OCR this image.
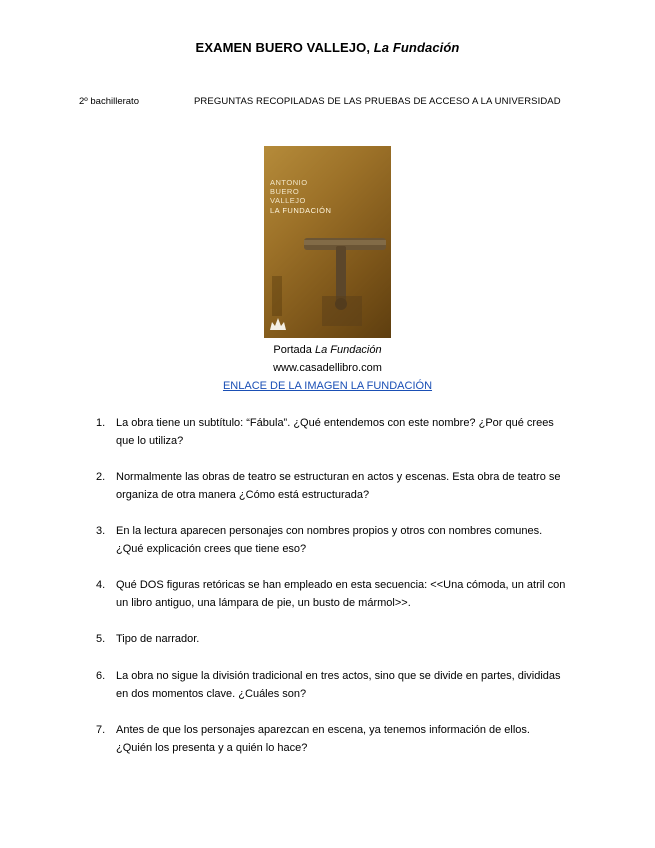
EXAMEN BUERO VALLEJO, La Fundación
2º bachillerato	PREGUNTAS RECOPILADAS DE LAS PRUEBAS DE ACCESO A LA UNIVERSIDAD
ANTONIO
BUERO
VALLEJO
LA FUNDACIÓN
Portada La Fundación
www.casadellibro.com
ENLACE DE LA IMAGEN LA FUNDACIÓN
1. La obra tiene un subtítulo: “Fábula”. ¿Qué entendemos con este nombre? ¿Por qué crees que lo utiliza?
2. Normalmente las obras de teatro se estructuran en actos y escenas. Esta obra de teatro se organiza de otra manera ¿Cómo está estructurada?
3. En la lectura aparecen personajes con nombres propios y otros con nombres comunes. ¿Qué explicación crees que tiene eso?
4. Qué DOS figuras retóricas se han empleado en esta secuencia: <<Una cómoda, un atril con un libro antiguo, una lámpara de pie, un busto de mármol>>.
5. Tipo de narrador.
6. La obra no sigue la división tradicional en tres actos, sino que se divide en partes, divididas en dos momentos clave. ¿Cuáles son?
7. Antes de que los personajes aparezcan en escena, ya tenemos información de ellos. ¿Quién los presenta y a quién lo hace?
